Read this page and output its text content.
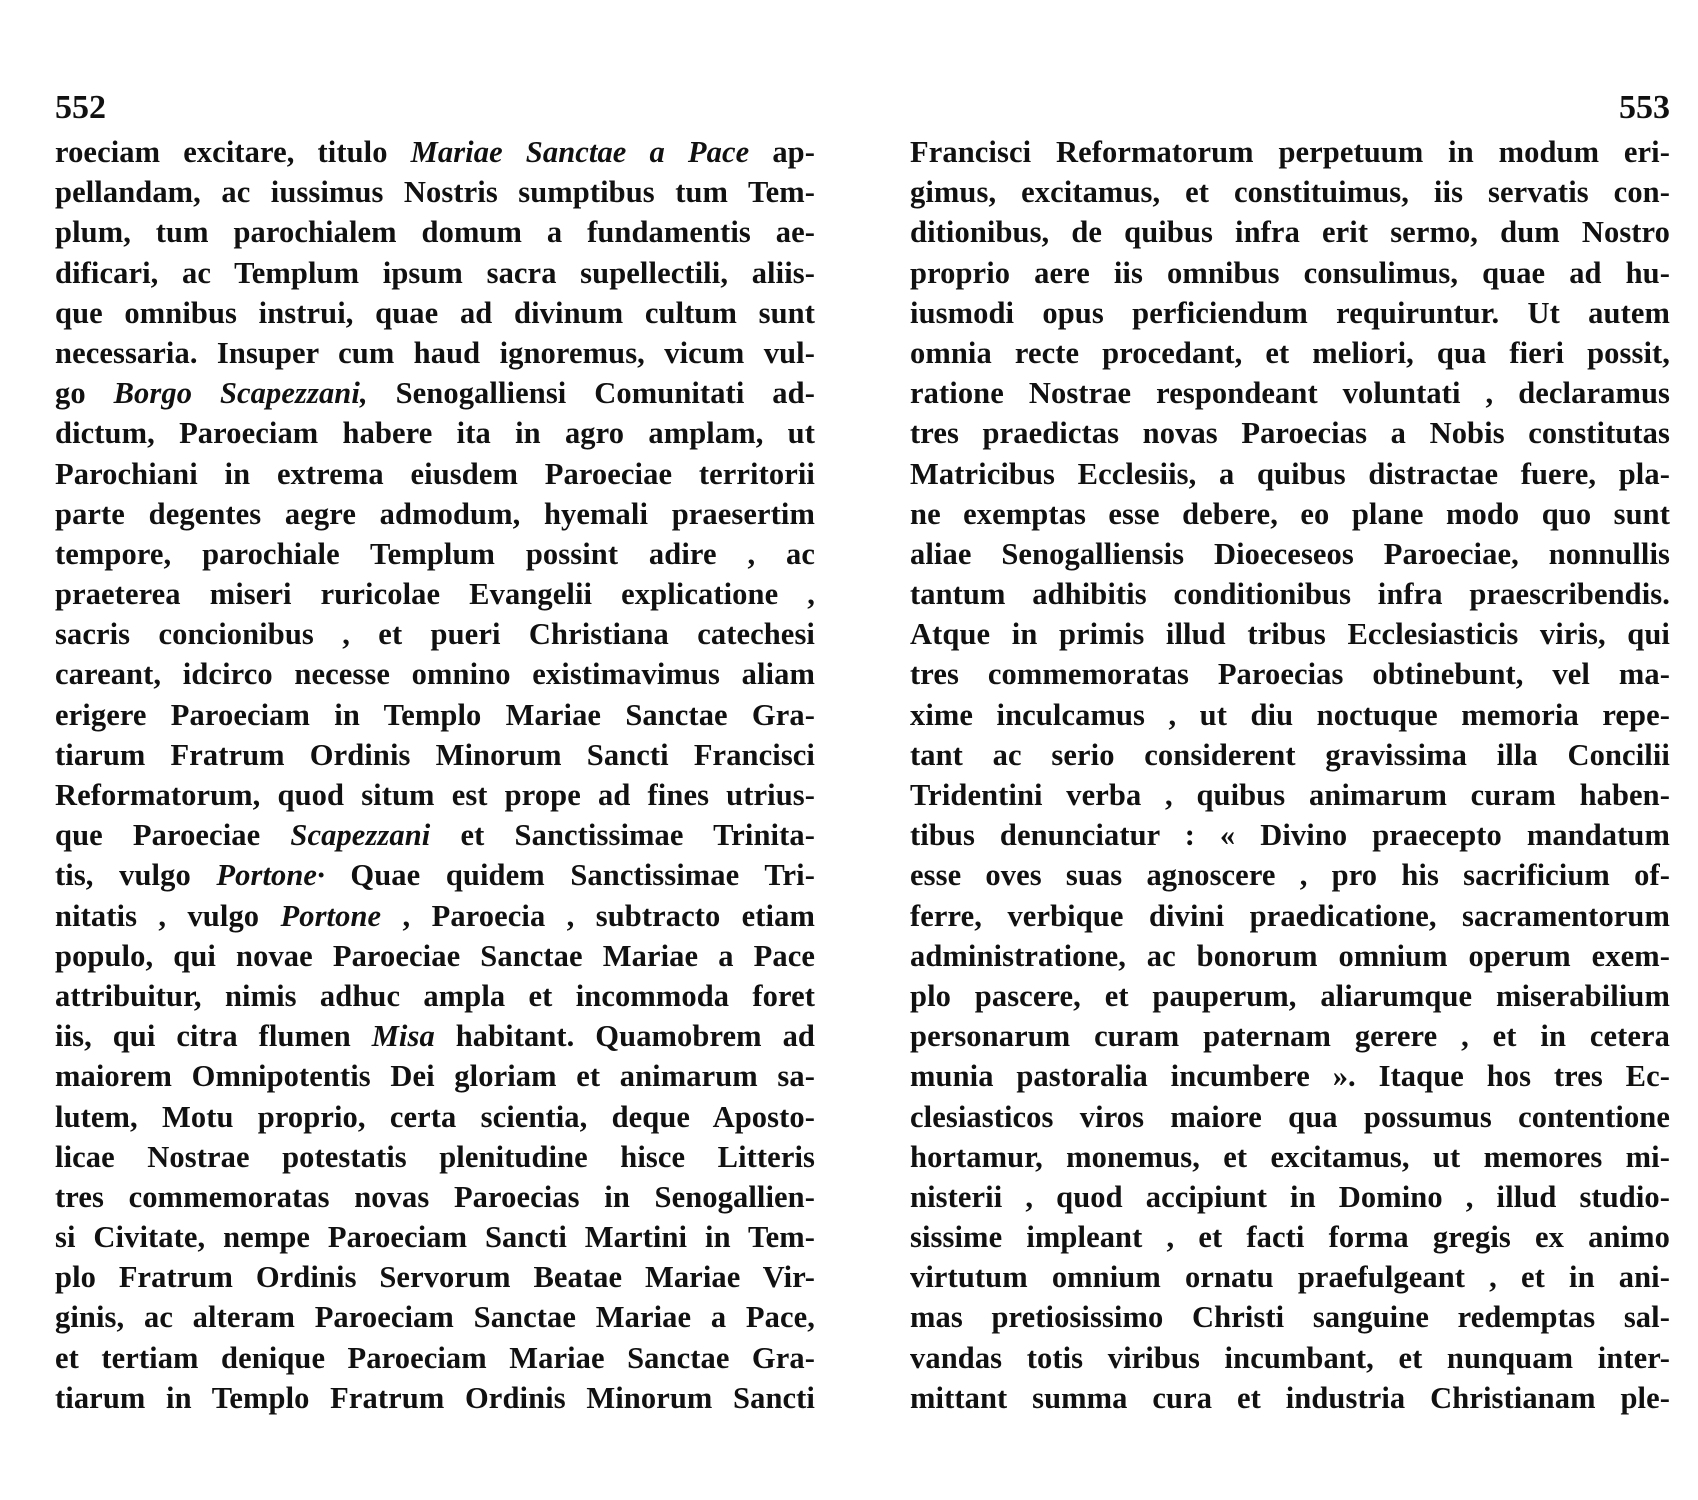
552
roeciam excitare, titulo Mariae Sanctae a Pace ap-
pellandam, ac iussimus Nostris sumptibus tum Tem-
plum, tum parochialem domum a fundamentis ae-
dificari, ac Templum ipsum sacra supellectili, aliis-
que omnibus instrui, quae ad divinum cultum sunt
necessaria. Insuper cum haud ignoremus, vicum vul-
go Borgo Scapezzani, Senogalliensi Comunitati ad-
dictum, Paroeciam habere ita in agro amplam, ut
Parochiani in extrema eiusdem Paroeciae territorii
parte degentes aegre admodum, hyemali praesertim
tempore, parochiale Templum possint adire , ac
praeterea miseri ruricolae Evangelii explicatione ,
sacris concionibus , et pueri Christiana catechesi
careant, idcirco necesse omnino existimavimus aliam
erigere Paroeciam in Templo Mariae Sanctae Gra-
tiarum Fratrum Ordinis Minorum Sancti Francisci
Reformatorum, quod situm est prope ad fines utrius-
que Paroeciae Scapezzani et Sanctissimae Trinita-
tis, vulgo Portone· Quae quidem Sanctissimae Tri-
nitatis , vulgo Portone , Paroecia , subtracto etiam
populo, qui novae Paroeciae Sanctae Mariae a Pace
attribuitur, nimis adhuc ampla et incommoda foret
iis, qui citra flumen Misa habitant. Quamobrem ad
maiorem Omnipotentis Dei gloriam et animarum sa-
lutem, Motu proprio, certa scientia, deque Aposto-
licae Nostrae potestatis plenitudine hisce Litteris
tres commemoratas novas Paroecias in Senogallien-
si Civitate, nempe Paroeciam Sancti Martini in Tem-
plo Fratrum Ordinis Servorum Beatae Mariae Vir-
ginis, ac alteram Paroeciam Sanctae Mariae a Pace,
et tertiam denique Paroeciam Mariae Sanctae Gra-
tiarum in Templo Fratrum Ordinis Minorum Sancti
553
Francisci Reformatorum perpetuum in modum eri-
gimus, excitamus, et constituimus, iis servatis con-
ditionibus, de quibus infra erit sermo, dum Nostro
proprio aere iis omnibus consulimus, quae ad hu-
iusmodi opus perficiendum requiruntur. Ut autem
omnia recte procedant, et meliori, qua fieri possit,
ratione Nostrae respondeant voluntati , declaramus
tres praedictas novas Paroecias a Nobis constitutas
Matricibus Ecclesiis, a quibus distractae fuere, pla-
ne exemptas esse debere, eo plane modo quo sunt
aliae Senogalliensis Dioeceseos Paroeciae, nonnullis
tantum adhibitis conditionibus infra praescribendis.
Atque in primis illud tribus Ecclesiasticis viris, qui
tres commemoratas Paroecias obtinebunt, vel ma-
xime inculcamus , ut diu noctuque memoria repe-
tant ac serio considerent gravissima illa Concilii
Tridentini verba , quibus animarum curam haben-
tibus denunciatur : « Divino praecepto mandatum
esse oves suas agnoscere , pro his sacrificium of-
ferre, verbique divini praedicatione, sacramentorum
administratione, ac bonorum omnium operum exem-
plo pascere, et pauperum, aliarumque miserabilium
personarum curam paternam gerere , et in cetera
munia pastoralia incumbere ». Itaque hos tres Ec-
clesiasticos viros maiore qua possumus contentione
hortamur, monemus, et excitamus, ut memores mi-
nisterii , quod accipiunt in Domino , illud studio-
sissime impleant , et facti forma gregis ex animo
virtutum omnium ornatu praefulgeant , et in ani-
mas pretiosissimo Christi sanguine redemptas sal-
vandas totis viribus incumbant, et nunquam inter-
mittant summa cura et industria Christianam ple-
